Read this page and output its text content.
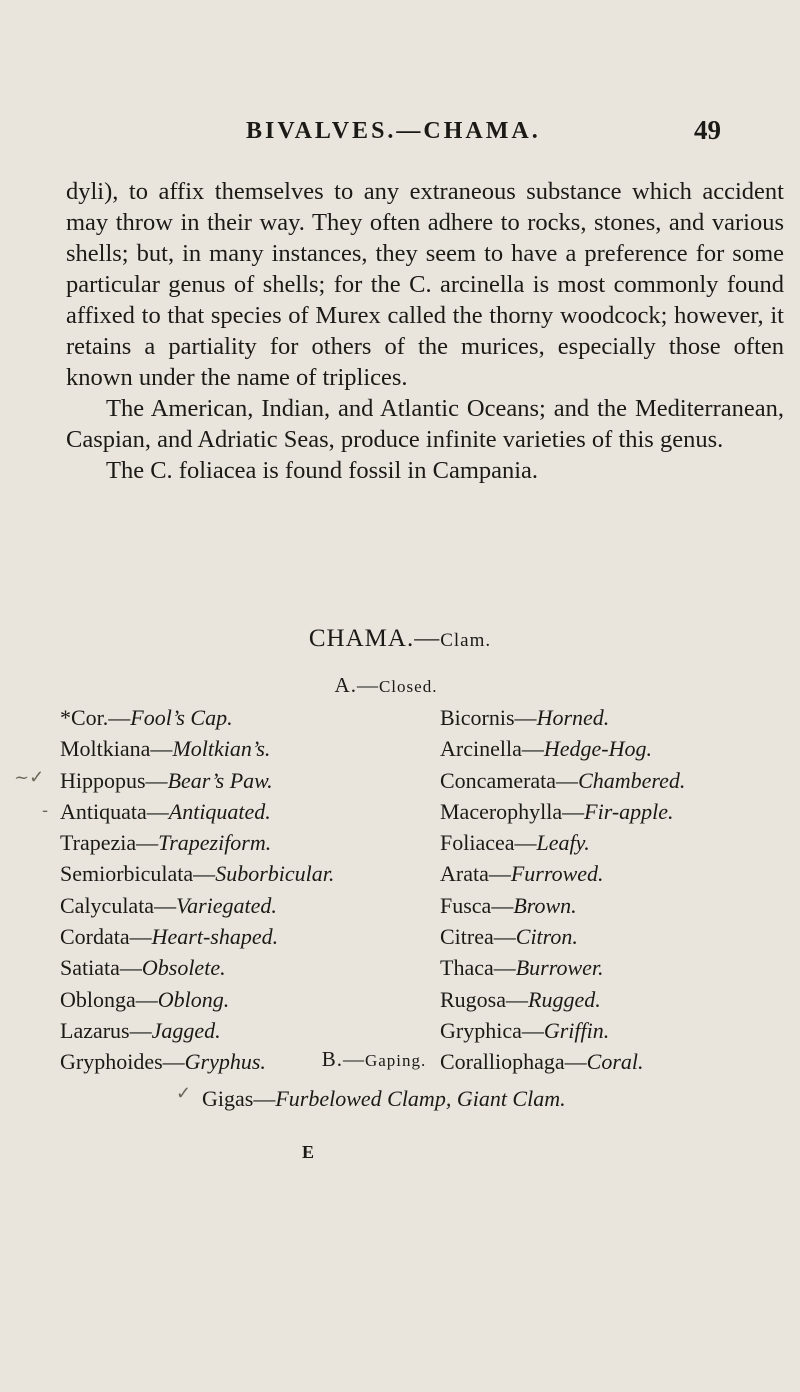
BIVALVES.—CHAMA.	49

dyli), to affix themselves to any extraneous substance which accident may throw in their way. They often adhere to rocks, stones, and various shells; but, in many instances, they seem to have a preference for some particular genus of shells; for the C. arcinella is most commonly found affixed to that species of Murex called the thorny woodcock; however, it retains a partiality for others of the murices, especially those often known under the name of triplices.

The American, Indian, and Atlantic Oceans; and the Mediterranean, Caspian, and Adriatic Seas, produce infinite varieties of this genus.

The C. foliacea is found fossil in Campania.

CHAMA.—Clam.
A.—Closed.
*Cor.—Fool’s Cap.	Bicornis—Horned.
Moltkiana—Moltkian’s.	Arcinella—Hedge-Hog.
Hippopus—Bear’s Paw.	Concamerata—Chambered.
Antiquata—Antiquated.	Macerophylla—Fir-apple.
Trapezia—Trapeziform.	Foliacea—Leafy.
Semiorbiculata—Suborbicular.	Arata—Furrowed.
Calyculata—Variegated.	Fusca—Brown.
Cordata—Heart-shaped.	Citrea—Citron.
Satiata—Obsolete.	Thaca—Burrower.
Oblonga—Oblong.	Rugosa—Rugged.
Lazarus—Jagged.	Gryphica—Griffin.
Gryphoides—Gryphus.	Coralliophaga—Coral.
B.—Gaping.
Gigas—Furbelowed Clamp, Giant Clam.
E
~✓
-
✓
